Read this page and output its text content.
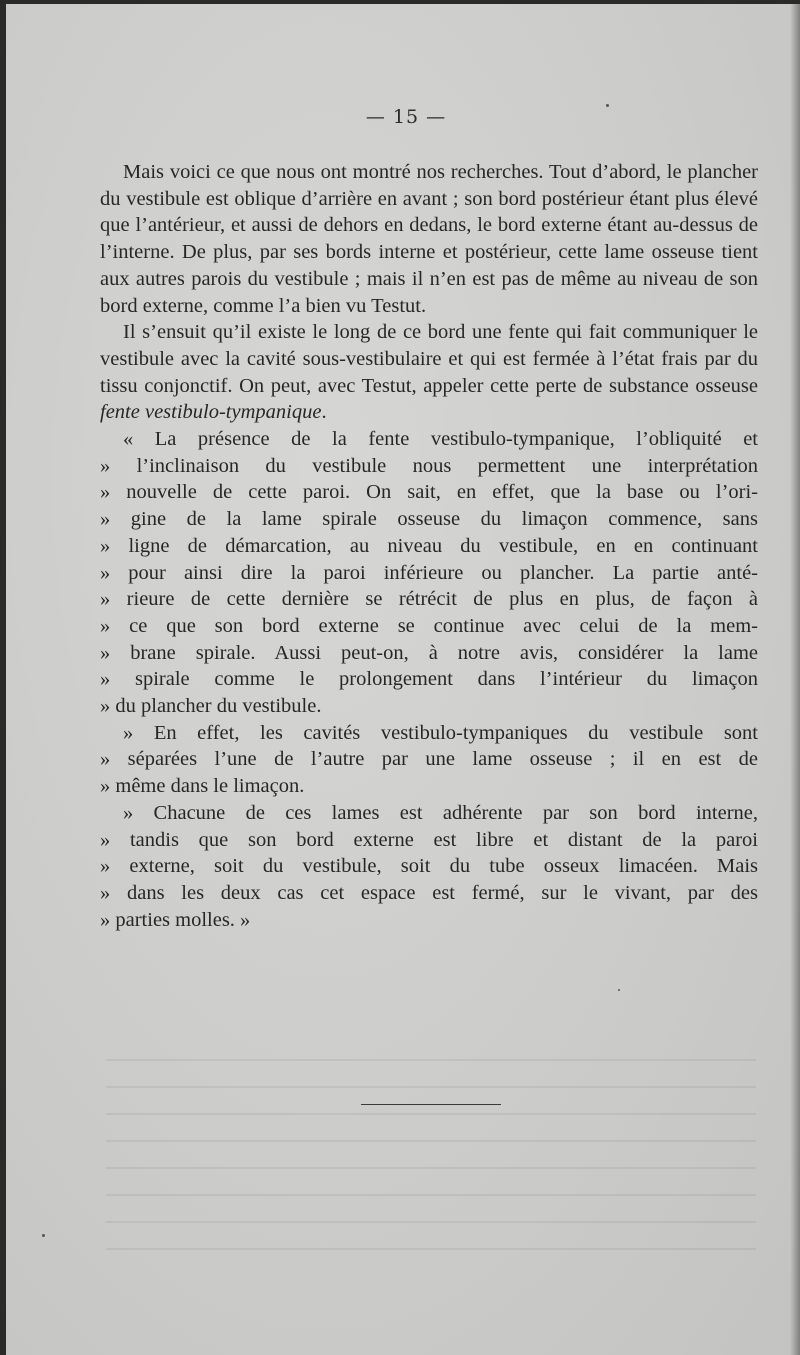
— 15 —

Mais voici ce que nous ont montré nos recherches. Tout d’abord, le plancher du vestibule est oblique d’arrière en avant ; son bord postérieur étant plus élevé que l’antérieur, et aussi de dehors en dedans, le bord externe étant au-dessus de l’interne. De plus, par ses bords interne et postérieur, cette lame osseuse tient aux autres parois du vestibule ; mais il n’en est pas de même au niveau de son bord externe, comme l’a bien vu Testut.

Il s’ensuit qu’il existe le long de ce bord une fente qui fait communiquer le vestibule avec la cavité sous-vestibulaire et qui est fermée à l’état frais par du tissu conjonctif. On peut, avec Testut, appeler cette perte de substance osseuse fente vestibulo-tympanique.

« La présence de la fente vestibulo-tympanique, l’obliquité et
» l’inclinaison du vestibule nous permettent une interprétation
» nouvelle de cette paroi. On sait, en effet, que la base ou l’ori-
» gine de la lame spirale osseuse du limaçon commence, sans
» ligne de démarcation, au niveau du vestibule, en en continuant
» pour ainsi dire la paroi inférieure ou plancher. La partie anté-
» rieure de cette dernière se rétrécit de plus en plus, de façon à
» ce que son bord externe se continue avec celui de la mem-
» brane spirale. Aussi peut-on, à notre avis, considérer la lame
» spirale comme le prolongement dans l’intérieur du limaçon
» du plancher du vestibule.

» En effet, les cavités vestibulo-tympaniques du vestibule sont
» séparées l’une de l’autre par une lame osseuse ; il en est de
» même dans le limaçon.

» Chacune de ces lames est adhérente par son bord interne,
» tandis que son bord externe est libre et distant de la paroi
» externe, soit du vestibule, soit du tube osseux limacéen. Mais
» dans les deux cas cet espace est fermé, sur le vivant, par des
» parties molles. »
